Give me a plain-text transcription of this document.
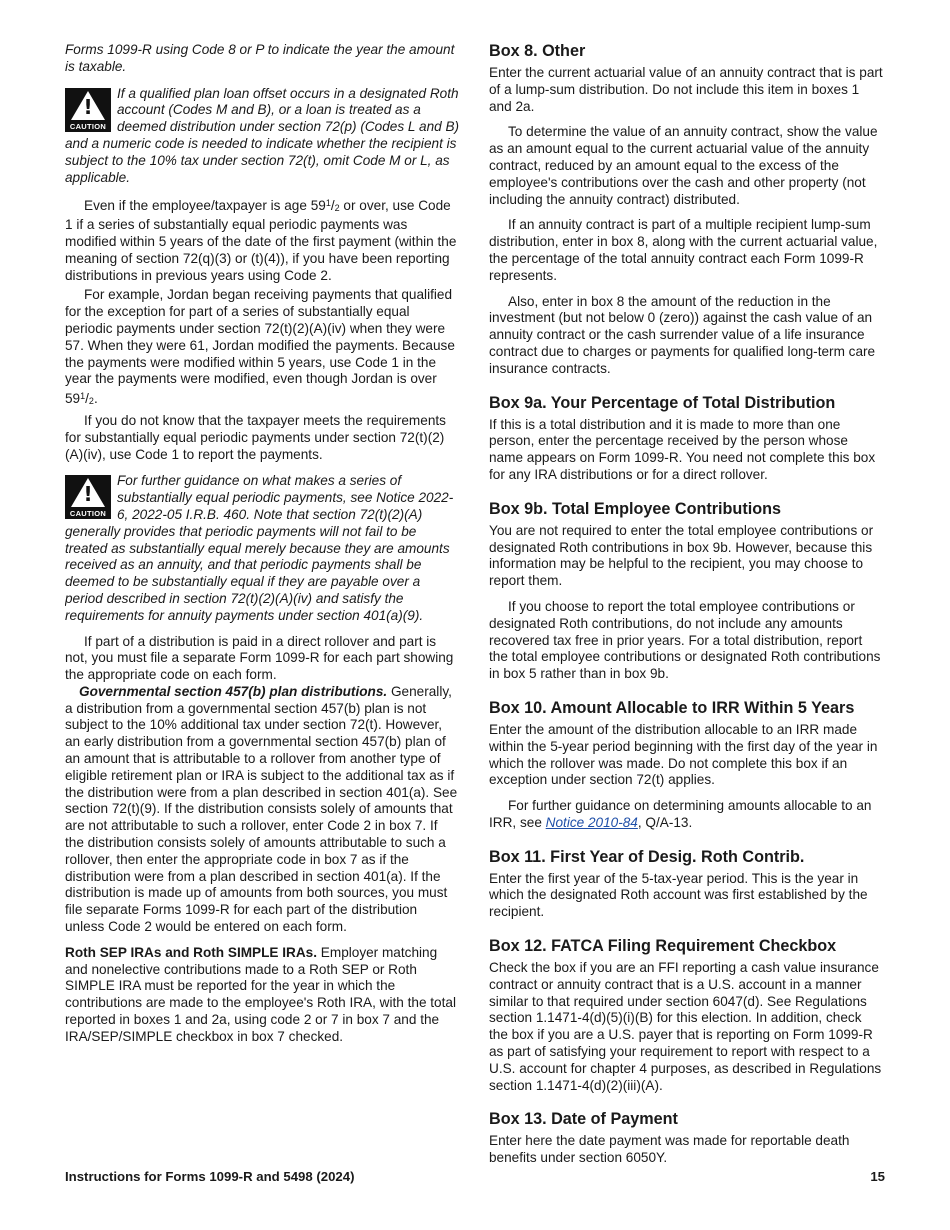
Forms 1099-R using Code 8 or P to indicate the year the amount is taxable.

!
CAUTION

If a qualified plan loan offset occurs in a designated Roth account (Codes M and B), or a loan is treated as a deemed distribution under section 72(p) (Codes L and B) and a numeric code is needed to indicate whether the recipient is subject to the 10% tax under section 72(t), omit Code M or L, as applicable.

Even if the employee/taxpayer is age $59^1/2$ or over, use Code 1 if a series of substantially equal periodic payments was modified within 5 years of the date of the first payment (within the meaning of section 72(q)(3) or (t)(4)), if you have been reporting distributions in previous years using Code 2.

For example, Jordan began receiving payments that qualified for the exception for part of a series of substantially equal periodic payments under section 72(t)(2)(A)(iv) when they were 57. When they were 61, Jordan modified the payments. Because the payments were modified within 5 years, use Code 1 in the year the payments were modified, even though Jordan is over $59^1/2$.

If you do not know that the taxpayer meets the requirements for substantially equal periodic payments under section 72(t)(2)(A)(iv), use Code 1 to report the payments.

!
CAUTION

For further guidance on what makes a series of substantially equal periodic payments, see Notice 2022-6, 2022-05 I.R.B. 460. Note that section 72(t)(2)(A) generally provides that periodic payments will not fail to be treated as substantially equal merely because they are amounts received as an annuity, and that periodic payments shall be deemed to be substantially equal if they are payable over a period described in section 72(t)(2)(A)(iv) and satisfy the requirements for annuity payments under section 401(a)(9).

If part of a distribution is paid in a direct rollover and part is not, you must file a separate Form 1099-R for each part showing the appropriate code on each form.

Governmental section 457(b) plan distributions. Generally, a distribution from a governmental section 457(b) plan is not subject to the 10% additional tax under section 72(t). However, an early distribution from a governmental section 457(b) plan of an amount that is attributable to a rollover from another type of eligible retirement plan or IRA is subject to the additional tax as if the distribution were from a plan described in section 401(a). See section 72(t)(9). If the distribution consists solely of amounts that are not attributable to such a rollover, enter Code 2 in box 7. If the distribution consists solely of amounts attributable to such a rollover, then enter the appropriate code in box 7 as if the distribution were from a plan described in section 401(a). If the distribution is made up of amounts from both sources, you must file separate Forms 1099-R for each part of the distribution unless Code 2 would be entered on each form.

Roth SEP IRAs and Roth SIMPLE IRAs. Employer matching and nonelective contributions made to a Roth SEP or Roth SIMPLE IRA must be reported for the year in which the contributions are made to the employee's Roth IRA, with the total reported in boxes 1 and 2a, using code 2 or 7 in box 7 and the IRA/SEP/SIMPLE checkbox in box 7 checked.

Box 8. Other

Enter the current actuarial value of an annuity contract that is part of a lump-sum distribution. Do not include this item in boxes 1 and 2a.

To determine the value of an annuity contract, show the value as an amount equal to the current actuarial value of the annuity contract, reduced by an amount equal to the excess of the employee's contributions over the cash and other property (not including the annuity contract) distributed.

If an annuity contract is part of a multiple recipient lump-sum distribution, enter in box 8, along with the current actuarial value, the percentage of the total annuity contract each Form 1099-R represents.

Also, enter in box 8 the amount of the reduction in the investment (but not below 0 (zero)) against the cash value of an annuity contract or the cash surrender value of a life insurance contract due to charges or payments for qualified long-term care insurance contracts.

Box 9a. Your Percentage of Total Distribution

If this is a total distribution and it is made to more than one person, enter the percentage received by the person whose name appears on Form 1099-R. You need not complete this box for any IRA distributions or for a direct rollover.

Box 9b. Total Employee Contributions

You are not required to enter the total employee contributions or designated Roth contributions in box 9b. However, because this information may be helpful to the recipient, you may choose to report them.

If you choose to report the total employee contributions or designated Roth contributions, do not include any amounts recovered tax free in prior years. For a total distribution, report the total employee contributions or designated Roth contributions in box 5 rather than in box 9b.

Box 10. Amount Allocable to IRR Within 5 Years

Enter the amount of the distribution allocable to an IRR made within the 5-year period beginning with the first day of the year in which the rollover was made. Do not complete this box if an exception under section 72(t) applies.

For further guidance on determining amounts allocable to an IRR, see Notice 2010-84, Q/A-13.

Box 11. First Year of Desig. Roth Contrib.

Enter the first year of the 5-tax-year period. This is the year in which the designated Roth account was first established by the recipient.

Box 12. FATCA Filing Requirement Checkbox

Check the box if you are an FFI reporting a cash value insurance contract or annuity contract that is a U.S. account in a manner similar to that required under section 6047(d). See Regulations section 1.1471-4(d)(5)(i)(B) for this election. In addition, check the box if you are a U.S. payer that is reporting on Form 1099-R as part of satisfying your requirement to report with respect to a U.S. account for chapter 4 purposes, as described in Regulations section 1.1471-4(d)(2)(iii)(A).

Box 13. Date of Payment

Enter here the date payment was made for reportable death benefits under section 6050Y.

Instructions for Forms 1099-R and 5498 (2024)	15
